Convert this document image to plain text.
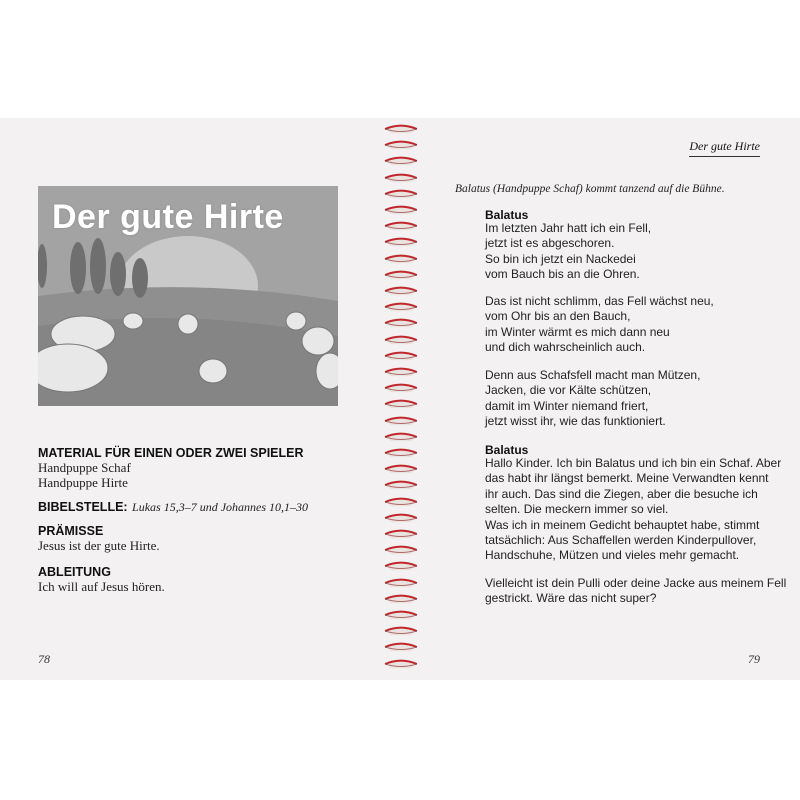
Der gute Hirte
MATERIAL FÜR EINEN ODER ZWEI SPIELER
Handpuppe Schaf
Handpuppe Hirte
BIBELSTELLE: Lukas 15,3–7 und Johannes 10,1–30
PRÄMISSE
Jesus ist der gute Hirte.
ABLEITUNG
Ich will auf Jesus hören.
78
Der gute Hirte
Balatus (Handpuppe Schaf) kommt tanzend auf die Bühne.
Balatus
Im letzten Jahr hatt ich ein Fell,
jetzt ist es abgeschoren.
So bin ich jetzt ein Nackedei
vom Bauch bis an die Ohren.
Das ist nicht schlimm, das Fell wächst neu,
vom Ohr bis an den Bauch,
im Winter wärmt es mich dann neu
und dich wahrscheinlich auch.
Denn aus Schafsfell macht man Mützen,
Jacken, die vor Kälte schützen,
damit im Winter niemand friert,
jetzt wisst ihr, wie das funktioniert.
Balatus
Hallo Kinder. Ich bin Balatus und ich bin ein Schaf. Aber
das habt ihr längst bemerkt. Meine Verwandten kennt
ihr auch. Das sind die Ziegen, aber die besuche ich
selten. Die meckern immer so viel.
Was ich in meinem Gedicht behauptet habe, stimmt
tatsächlich: Aus Schaffellen werden Kinderpullover,
Handschuhe, Mützen und vieles mehr gemacht.
Vielleicht ist dein Pulli oder deine Jacke aus meinem Fell
gestrickt. Wäre das nicht super?
79
